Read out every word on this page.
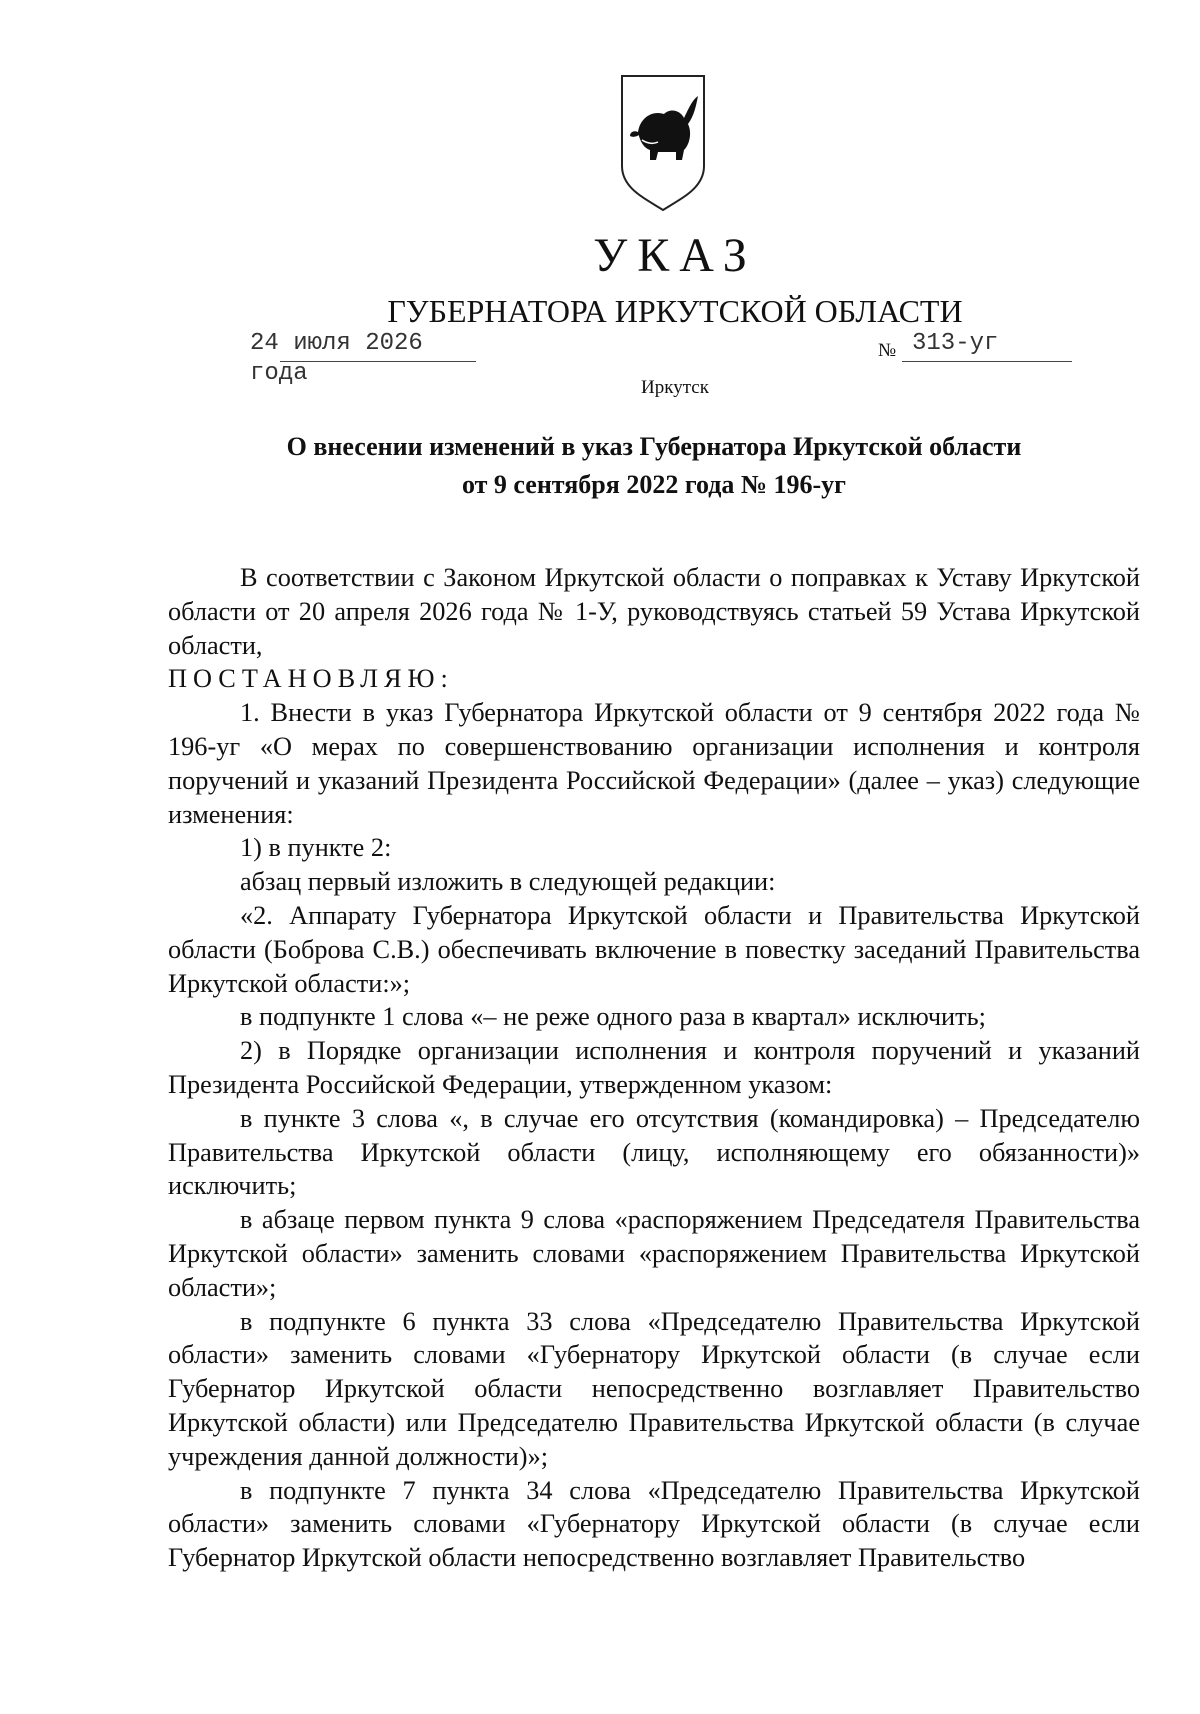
УКАЗ
ГУБЕРНАТОРА ИРКУТСКОЙ ОБЛАСТИ
24 июля 2026 года
№ 313-уг
Иркутск
О внесении изменений в указ Губернатора Иркутской области
от 9 сентября 2022 года № 196-уг

В соответствии с Законом Иркутской области о поправках к Уставу Иркутской области от 20 апреля 2026 года № 1-У, руководствуясь статьей 59 Устава Иркутской области,

ПОСТАНОВЛЯЮ:

1. Внести в указ Губернатора Иркутской области от 9 сентября 2022 года № 196-уг «О мерах по совершенствованию организации исполнения и контроля поручений и указаний Президента Российской Федерации» (далее – указ) следующие изменения:

1) в пункте 2:

абзац первый изложить в следующей редакции:

«2. Аппарату Губернатора Иркутской области и Правительства Иркутской области (Боброва С.В.) обеспечивать включение в повестку заседаний Правительства Иркутской области:»;

в подпункте 1 слова «– не реже одного раза в квартал» исключить;

2) в Порядке организации исполнения и контроля поручений и указаний Президента Российской Федерации, утвержденном указом:

в пункте 3 слова «, в случае его отсутствия (командировка) – Председателю Правительства Иркутской области (лицу, исполняющему его обязанности)» исключить;

в абзаце первом пункта 9 слова «распоряжением Председателя Правительства Иркутской области» заменить словами «распоряжением Правительства Иркутской области»;

в подпункте 6 пункта 33 слова «Председателю Правительства Иркутской области» заменить словами «Губернатору Иркутской области (в случае если Губернатор Иркутской области непосредственно возглавляет Правительство Иркутской области) или Председателю Правительства Иркутской области (в случае учреждения данной должности)»;

в подпункте 7 пункта 34 слова «Председателю Правительства Иркутской области» заменить словами «Губернатору Иркутской области (в случае если Губернатор Иркутской области непосредственно возглавляет Правительство
